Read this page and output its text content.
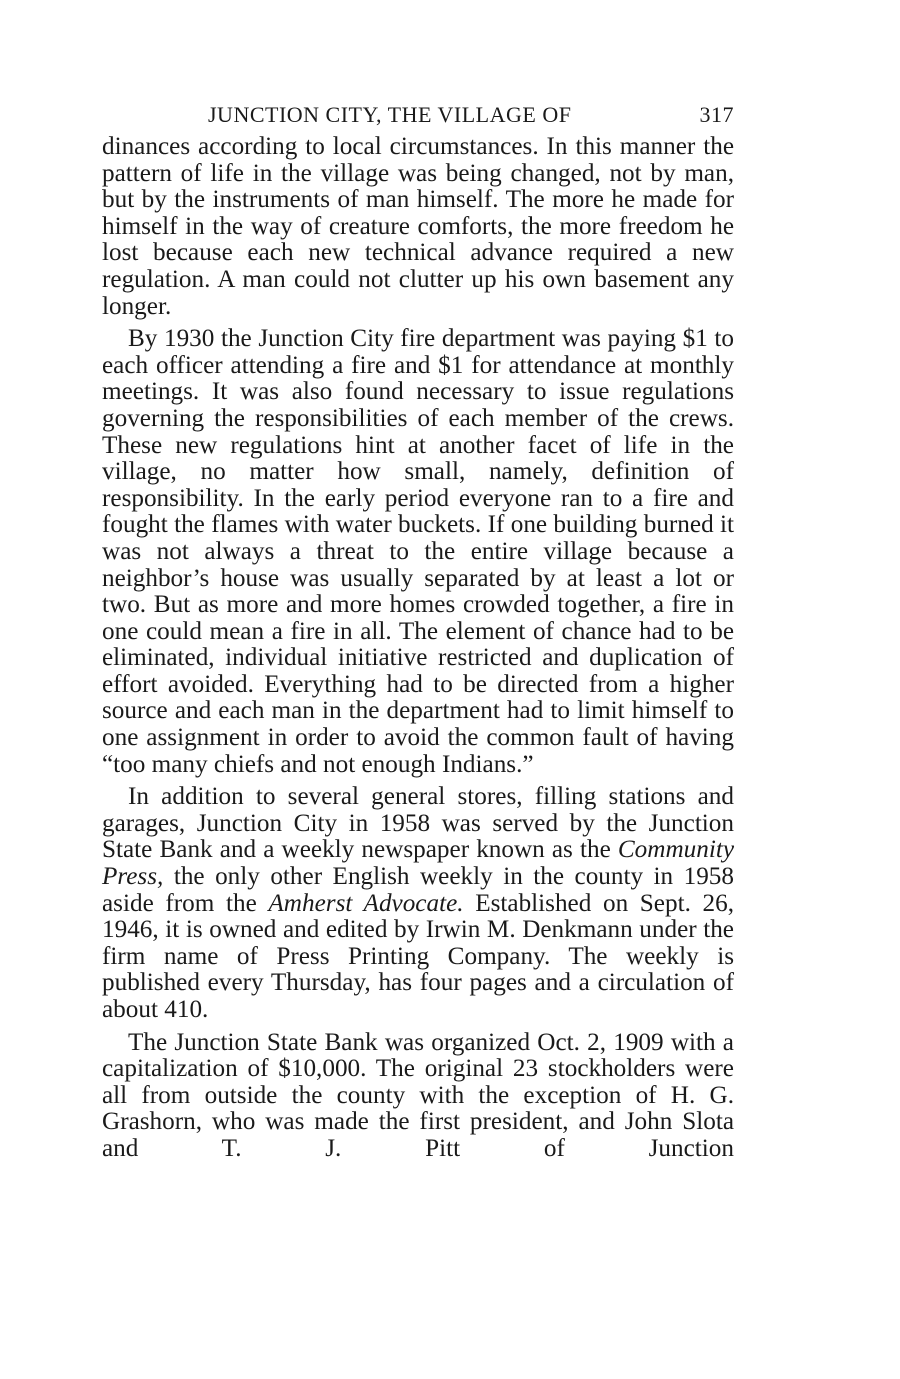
JUNCTION CITY, THE VILLAGE OF	317

dinances according to local circumstances. In this manner the pattern of life in the village was being changed, not by man, but by the instruments of man himself. The more he made for himself in the way of creature comforts, the more freedom he lost because each new technical advance required a new regulation. A man could not clutter up his own basement any longer.

By 1930 the Junction City fire department was paying $1 to each officer attending a fire and $1 for attendance at monthly meetings. It was also found necessary to issue regulations governing the responsibilities of each member of the crews. These new regulations hint at another facet of life in the village, no matter how small, namely, definition of responsibility. In the early period everyone ran to a fire and fought the flames with water buckets. If one building burned it was not always a threat to the entire village because a neighbor’s house was usually separated by at least a lot or two. But as more and more homes crowded together, a fire in one could mean a fire in all. The element of chance had to be eliminated, individual initiative restricted and duplication of effort avoided. Everything had to be directed from a higher source and each man in the department had to limit himself to one assignment in order to avoid the common fault of having “too many chiefs and not enough Indians.”

In addition to several general stores, filling stations and garages, Junction City in 1958 was served by the Junction State Bank and a weekly newspaper known as the Community Press, the only other English weekly in the county in 1958 aside from the Amherst Advocate. Established on Sept. 26, 1946, it is owned and edited by Irwin M. Denkmann under the firm name of Press Printing Company. The weekly is published every Thursday, has four pages and a circulation of about 410.

The Junction State Bank was organized Oct. 2, 1909 with a capitalization of $10,000. The original 23 stockholders were all from outside the county with the exception of H. G. Grashorn, who was made the first president, and John Slota and T. J. Pitt of Junction
